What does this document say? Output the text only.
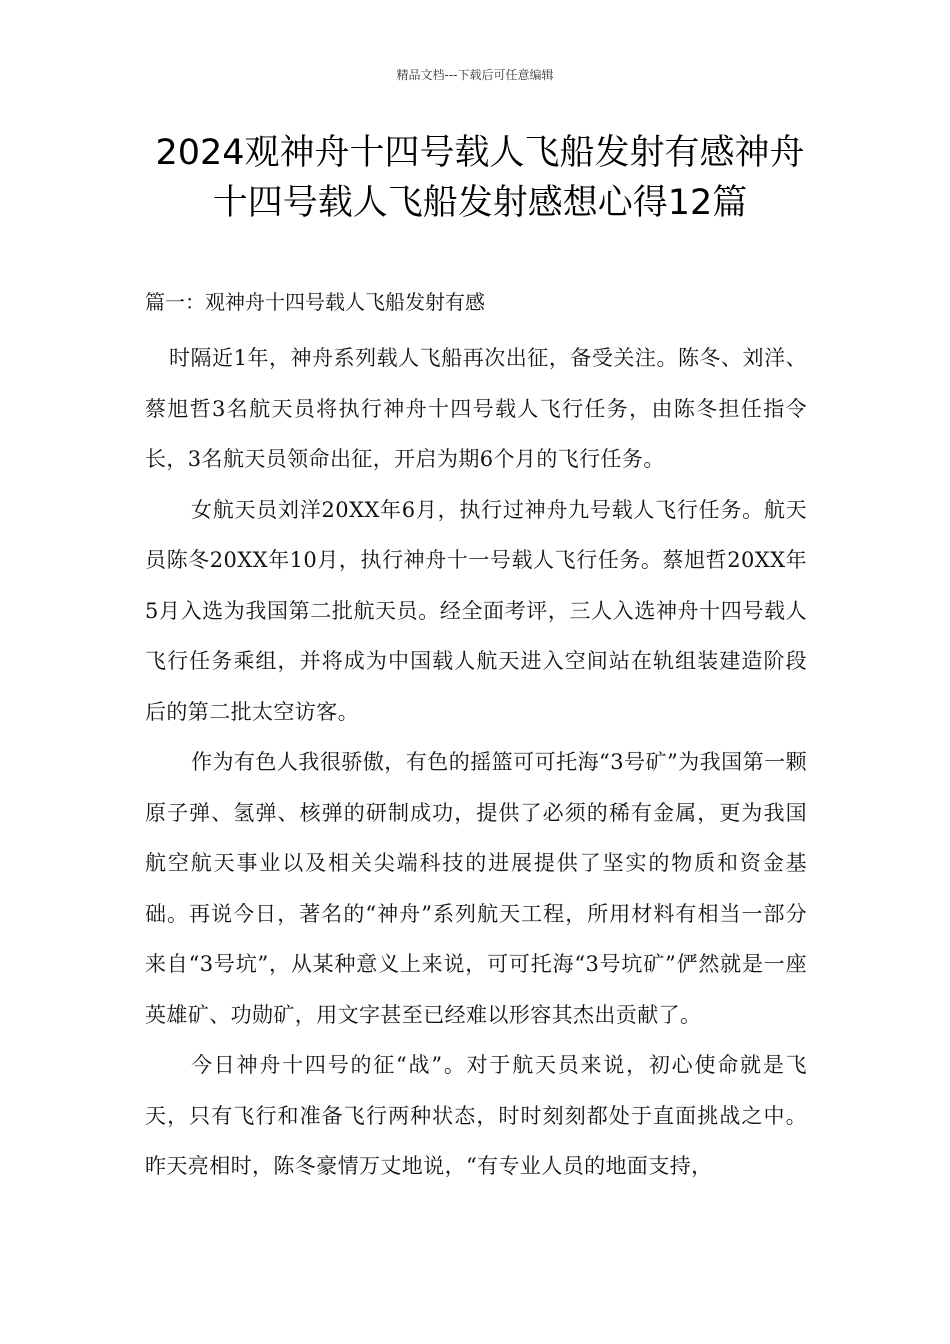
精品文档---下载后可任意编辑
2024观神舟十四号载人飞船发射有感神舟十四号载人飞船发射感想心得12篇
篇一：观神舟十四号载人飞船发射有感

时隔近1年，神舟系列载人飞船再次出征，备受关注。陈冬、刘洋、蔡旭哲3名航天员将执行神舟十四号载人飞行任务，由陈冬担任指令长，3名航天员领命出征，开启为期6个月的飞行任务。

女航天员刘洋20XX年6月，执行过神舟九号载人飞行任务。航天员陈冬20XX年10月，执行神舟十一号载人飞行任务。蔡旭哲20XX年5月入选为我国第二批航天员。经全面考评，三人入选神舟十四号载人飞行任务乘组，并将成为中国载人航天进入空间站在轨组装建造阶段后的第二批太空访客。

作为有色人我很骄傲，有色的摇篮可可托海“3号矿”为我国第一颗原子弹、氢弹、核弹的研制成功，提供了必须的稀有金属，更为我国航空航天事业以及相关尖端科技的进展提供了坚实的物质和资金基础。再说今日，著名的“神舟”系列航天工程，所用材料有相当一部分来自“3号坑”，从某种意义上来说，可可托海“3号坑矿”俨然就是一座英雄矿、功勋矿，用文字甚至已经难以形容其杰出贡献了。

今日神舟十四号的征“战”。对于航天员来说，初心使命就是飞天，只有飞行和准备飞行两种状态，时时刻刻都处于直面挑战之中。昨天亮相时，陈冬豪情万丈地说，“有专业人员的地面支持，
